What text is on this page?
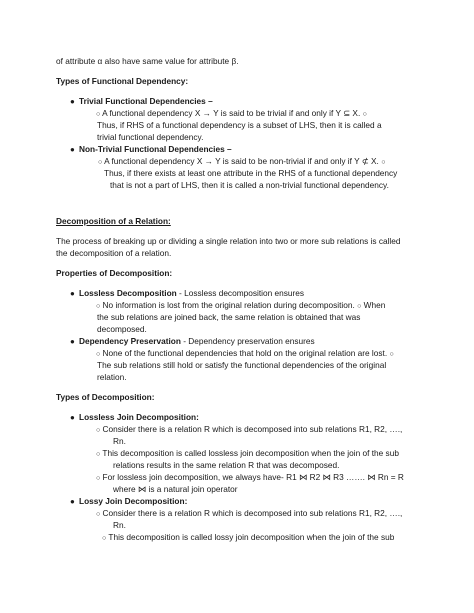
of attribute α also have same value for attribute β.
Types of Functional Dependency:
● Trivial Functional Dependencies –
○ A functional dependency X → Y is said to be trivial if and only if Y ⊆ X. ○
Thus, if RHS of a functional dependency is a subset of LHS, then it is called a
trivial functional dependency.
● Non-Trivial Functional Dependencies –
○ A functional dependency X → Y is said to be non-trivial if and only if Y ⊄ X. ○
Thus, if there exists at least one attribute in the RHS of a functional dependency
that is not a part of LHS, then it is called a non-trivial functional dependency.
Decomposition of a Relation:
The process of breaking up or dividing a single relation into two or more sub relations is called
the decomposition of a relation.
Properties of Decomposition:
● Lossless Decomposition - Lossless decomposition ensures
○ No information is lost from the original relation during decomposition. ○ When
the sub relations are joined back, the same relation is obtained that was
decomposed.
● Dependency Preservation - Dependency preservation ensures
○ None of the functional dependencies that hold on the original relation are lost. ○
The sub relations still hold or satisfy the functional dependencies of the original
relation.
Types of Decomposition:
● Lossless Join Decomposition:
○ Consider there is a relation R which is decomposed into sub relations R1, R2, ….,
Rn.
○ This decomposition is called lossless join decomposition when the join of the sub
relations results in the same relation R that was decomposed.
○ For lossless join decomposition, we always have- R1 ⋈ R2 ⋈ R3 ……. ⋈ Rn = R
where ⋈ is a natural join operator
● Lossy Join Decomposition:
○ Consider there is a relation R which is decomposed into sub relations R1, R2, ….,
Rn.
○ This decomposition is called lossy join decomposition when the join of the sub
